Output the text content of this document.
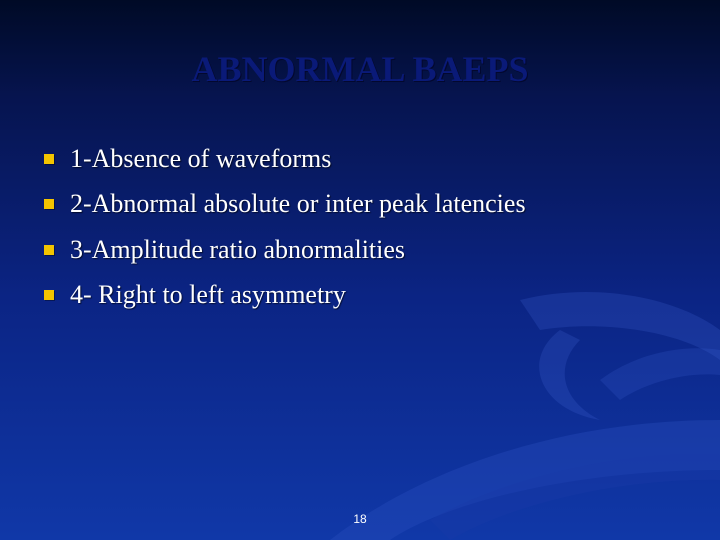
ABNORMAL BAEPS
1-Absence of waveforms
2-Abnormal absolute or inter peak latencies
3-Amplitude ratio abnormalities
4- Right to left asymmetry
18
